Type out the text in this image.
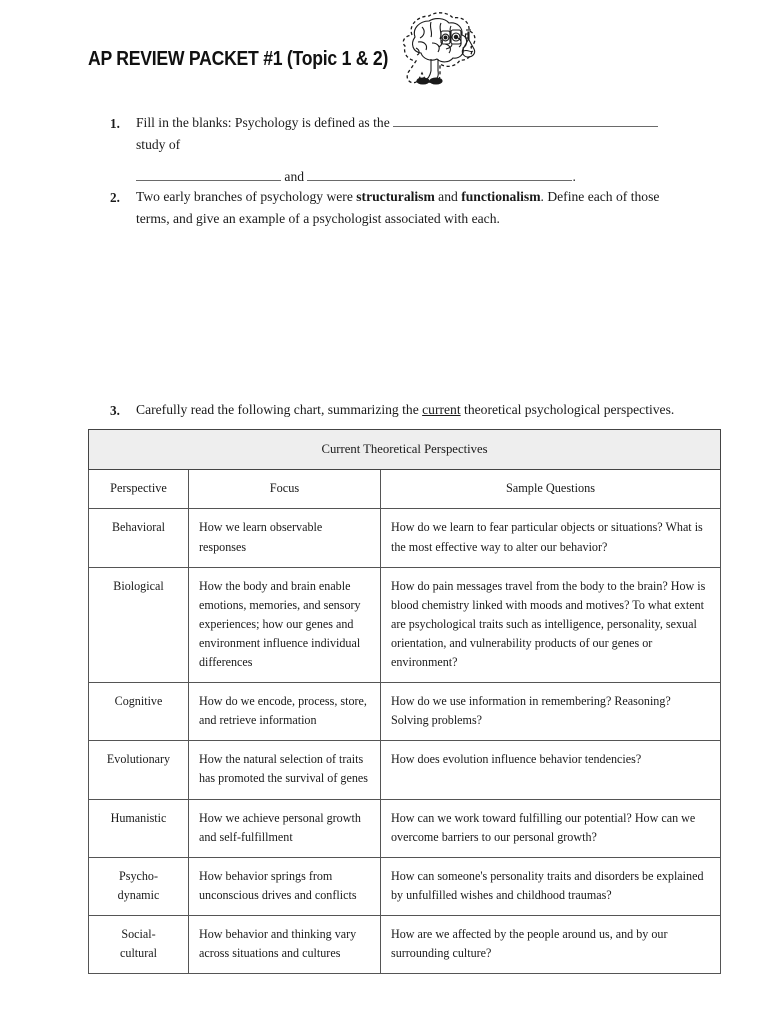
AP REVIEW PACKET #1 (Topic 1 & 2)
1. Fill in the blanks: Psychology is defined as the  study of
and	.
2. Two early branches of psychology were structuralism and functionalism. Define each of those terms, and give an example of a psychologist associated with each.
3. Carefully read the following chart, summarizing the current theoretical psychological perspectives.
Current Theoretical Perspectives		
Perspective	Focus	Sample Questions
Behavioral	How we learn observable responses	How do we learn to fear particular objects or situations? What is the most effective way to alter our behavior?
Biological	How the body and brain enable emotions, memories, and sensory experiences; how our genes and environment influence individual differences	How do pain messages travel from the body to the brain? How is blood chemistry linked with moods and motives? To what extent are psychological traits such as intelligence, personality, sexual orientation, and vulnerability products of our genes or environment?
Cognitive	How do we encode, process, store, and retrieve information	How do we use information in remembering? Reasoning? Solving problems?
Evolutionary	How the natural selection of traits has promoted the survival of genes	How does evolution influence behavior tendencies?
Humanistic	How we achieve personal growth and self-fulfillment	How can we work toward fulfilling our potential? How can we overcome barriers to our personal growth?
Psycho-
dynamic	How behavior springs from unconscious drives and conflicts	How can someone's personality traits and disorders be explained by unfulfilled wishes and childhood traumas?
Social-
cultural	How behavior and thinking vary across situations and cultures	How are we affected by the people around us, and by our surrounding culture?
